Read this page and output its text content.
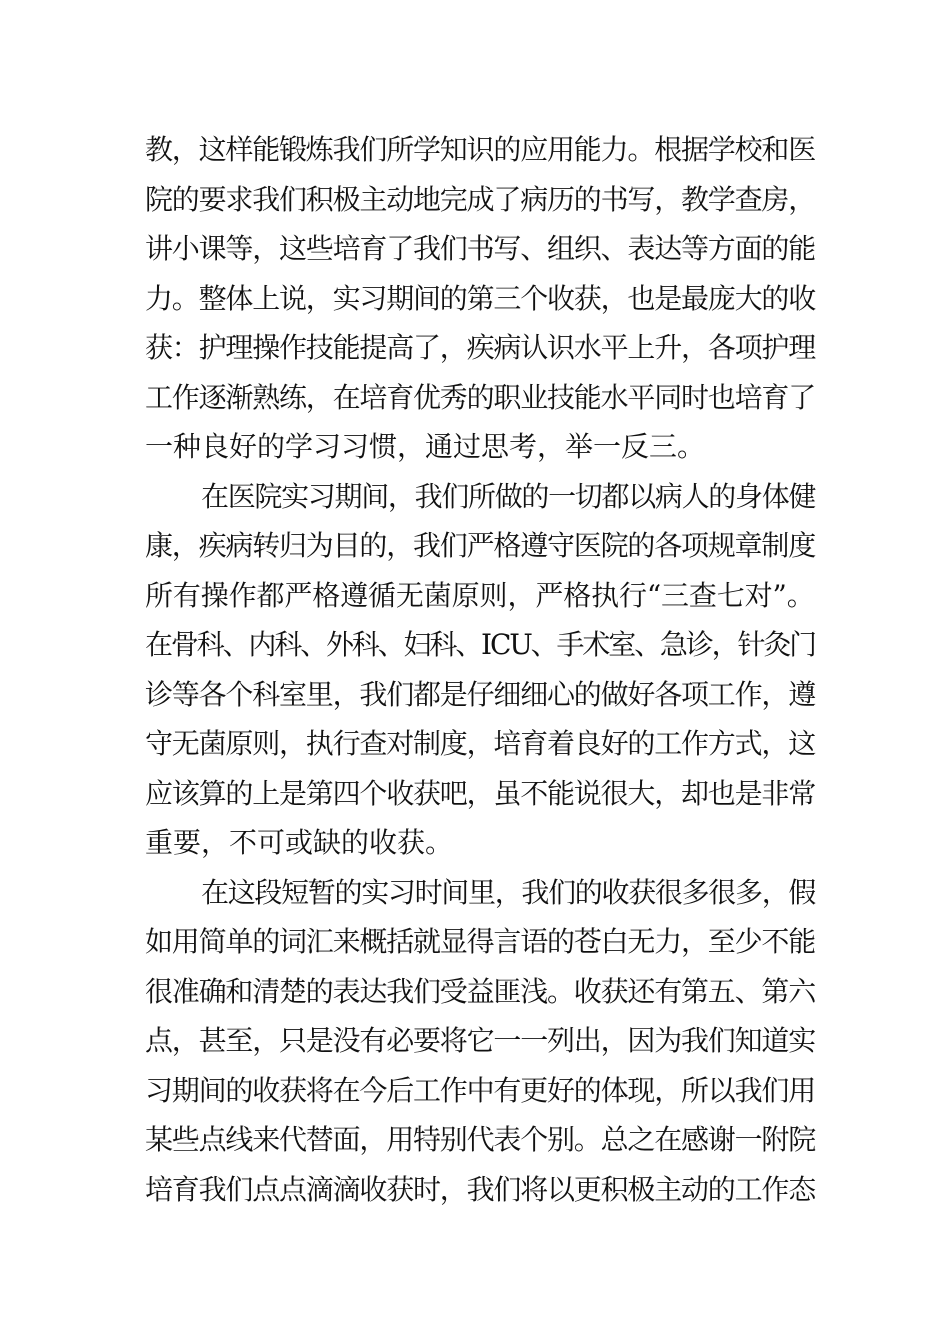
教，这样能锻炼我们所学知识的应用能力。根据学校和医
院的要求我们积极主动地完成了病历的书写，教学查房，
讲小课等，这些培育了我们书写、组织、表达等方面的能
力。整体上说，实习期间的第三个收获，也是最庞大的收
获：护理操作技能提高了，疾病认识水平上升，各项护理
工作逐渐熟练，在培育优秀的职业技能水平同时也培育了
一种良好的学习习惯，通过思考，举一反三。
在医院实习期间，我们所做的一切都以病人的身体健
康，疾病转归为目的，我们严格遵守医院的各项规章制度
所有操作都严格遵循无菌原则，严格执行“三查七对”。
在骨科、内科、外科、妇科、ICU、手术室、急诊，针灸门
诊等各个科室里，我们都是仔细细心的做好各项工作，遵
守无菌原则，执行查对制度，培育着良好的工作方式，这
应该算的上是第四个收获吧，虽不能说很大，却也是非常
重要，不可或缺的收获。
在这段短暂的实习时间里，我们的收获很多很多，假
如用简单的词汇来概括就显得言语的苍白无力，至少不能
很准确和清楚的表达我们受益匪浅。收获还有第五、第六
点，甚至，只是没有必要将它一一列出，因为我们知道实
习期间的收获将在今后工作中有更好的体现，所以我们用
某些点线来代替面，用特别代表个别。总之在感谢一附院
培育我们点点滴滴收获时，我们将以更积极主动的工作态
